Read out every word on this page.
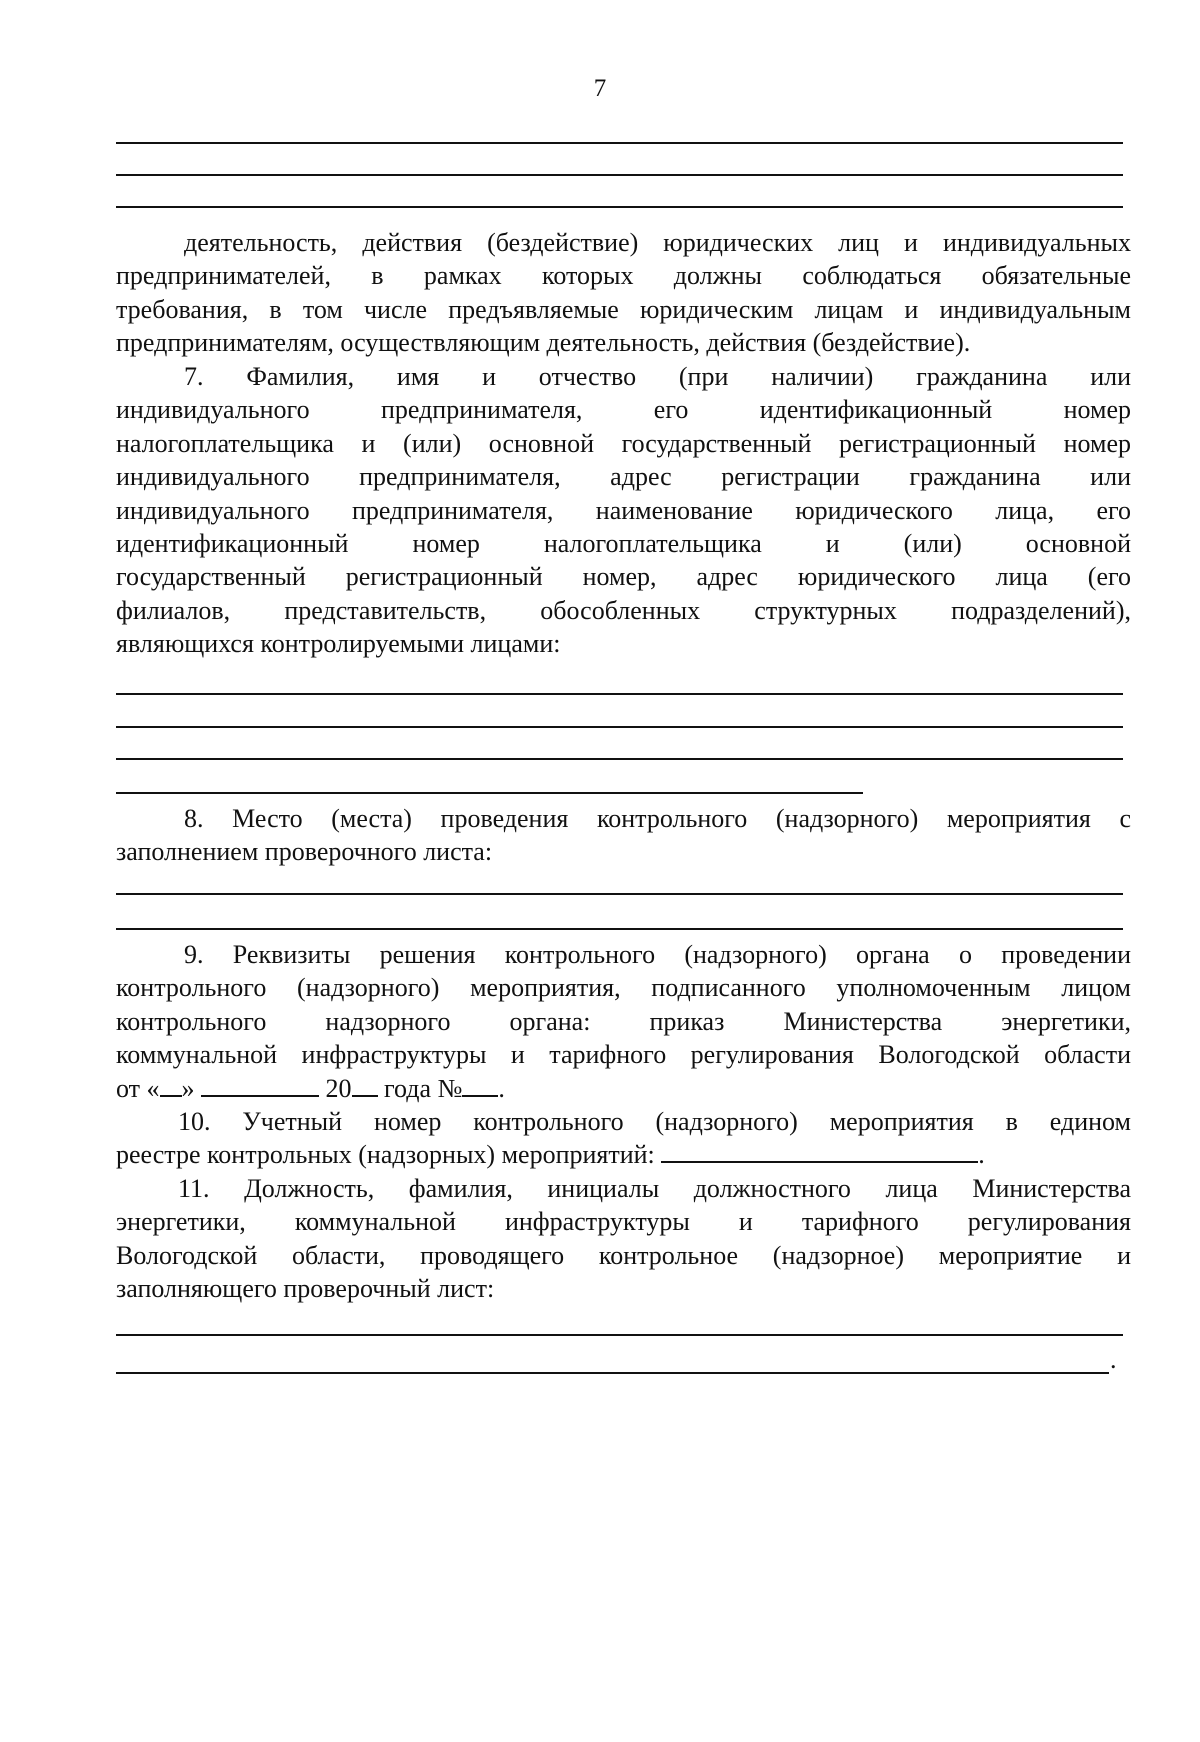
7
деятельность, действия (бездействие) юридических лиц и индивидуальных
предпринимателей, в рамках которых должны соблюдаться обязательные
требования, в том числе предъявляемые юридическим лицам и индивидуальным
предпринимателям, осуществляющим деятельность, действия (бездействие).
7. Фамилия, имя и отчество (при наличии) гражданина или
индивидуального предпринимателя, его идентификационный номер
налогоплательщика и (или) основной государственный регистрационный номер
индивидуального предпринимателя, адрес регистрации гражданина или
индивидуального предпринимателя, наименование юридического лица, его
идентификационный номер налогоплательщика и (или) основной
государственный регистрационный номер, адрес юридического лица (его
филиалов, представительств, обособленных структурных подразделений),
являющихся контролируемыми лицами:
8. Место (места) проведения контрольного (надзорного) мероприятия с
заполнением проверочного листа:
9. Реквизиты решения контрольного (надзорного) органа о проведении
контрольного (надзорного) мероприятия, подписанного уполномоченным лицом
контрольного надзорного органа: приказ Министерства энергетики,
коммунальной инфраструктуры и тарифного регулирования Вологодской области
от « »	20 года № .
10. Учетный номер контрольного (надзорного) мероприятия в едином
реестре контрольных (надзорных) мероприятий:	.
11. Должность, фамилия, инициалы должностного лица Министерства
энергетики, коммунальной инфраструктуры и тарифного регулирования
Вологодской области, проводящего контрольное (надзорное) мероприятие и
заполняющего проверочный лист:
.
